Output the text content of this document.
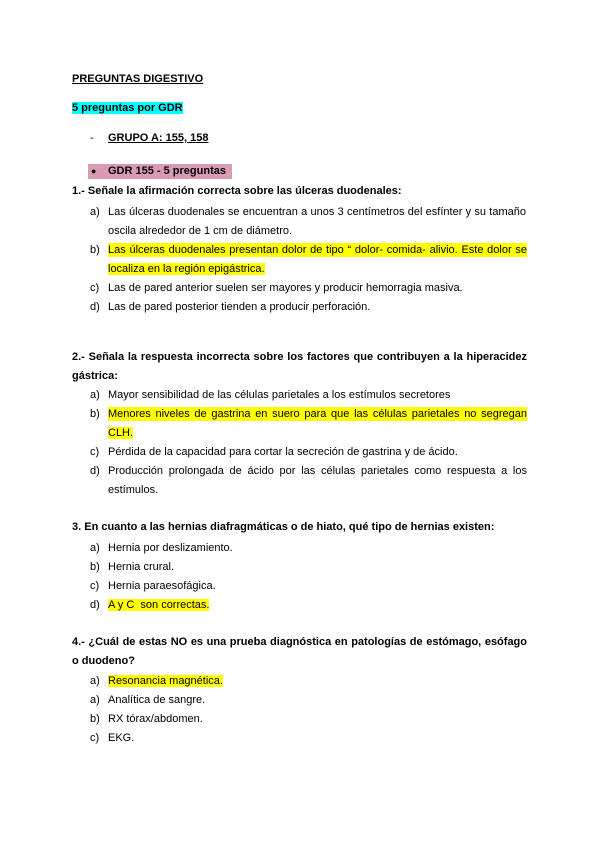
PREGUNTAS DIGESTIVO
5 preguntas por GDR
- GRUPO A: 155, 158
● GDR 155 - 5 preguntas
1.- Señale la afirmación correcta sobre las úlceras duodenales:
a) Las úlceras duodenales se encuentran a unos 3 centímetros del esfínter y su tamaño
oscila alrededor de 1 cm de diámetro.
b) Las úlceras duodenales presentan dolor de tipo “ dolor- comida- alivio. Este dolor se
localiza en la región epigástrica.
c) Las de pared anterior suelen ser mayores y producir hemorragia masiva.
d) Las de pared posterior tienden a producir perforación.
2.- Señala la respuesta incorrecta sobre los factores que contribuyen a la hiperacidez
gástrica:
a) Mayor sensibilidad de las células parietales a los estímulos secretores
b) Menores niveles de gastrina en suero para que las células parietales no segregan
CLH.
c) Pérdida de la capacidad para cortar la secreción de gastrina y de ácido.
d) Producción prolongada de ácido por las células parietales como respuesta a los
estímulos.
3. En cuanto a las hernias diafragmáticas o de hiato, qué tipo de hernias existen:
a) Hernia por deslizamiento.
b) Hernia crural.
c) Hernia paraesofágica.
d) A y C  son correctas.
4.- ¿Cuál de estas NO es una prueba diagnóstica en patologías de estómago, esófago
o duodeno?
a) Resonancia magnética.
a) Analítica de sangre.
b) RX tórax/abdomen.
c) EKG.
